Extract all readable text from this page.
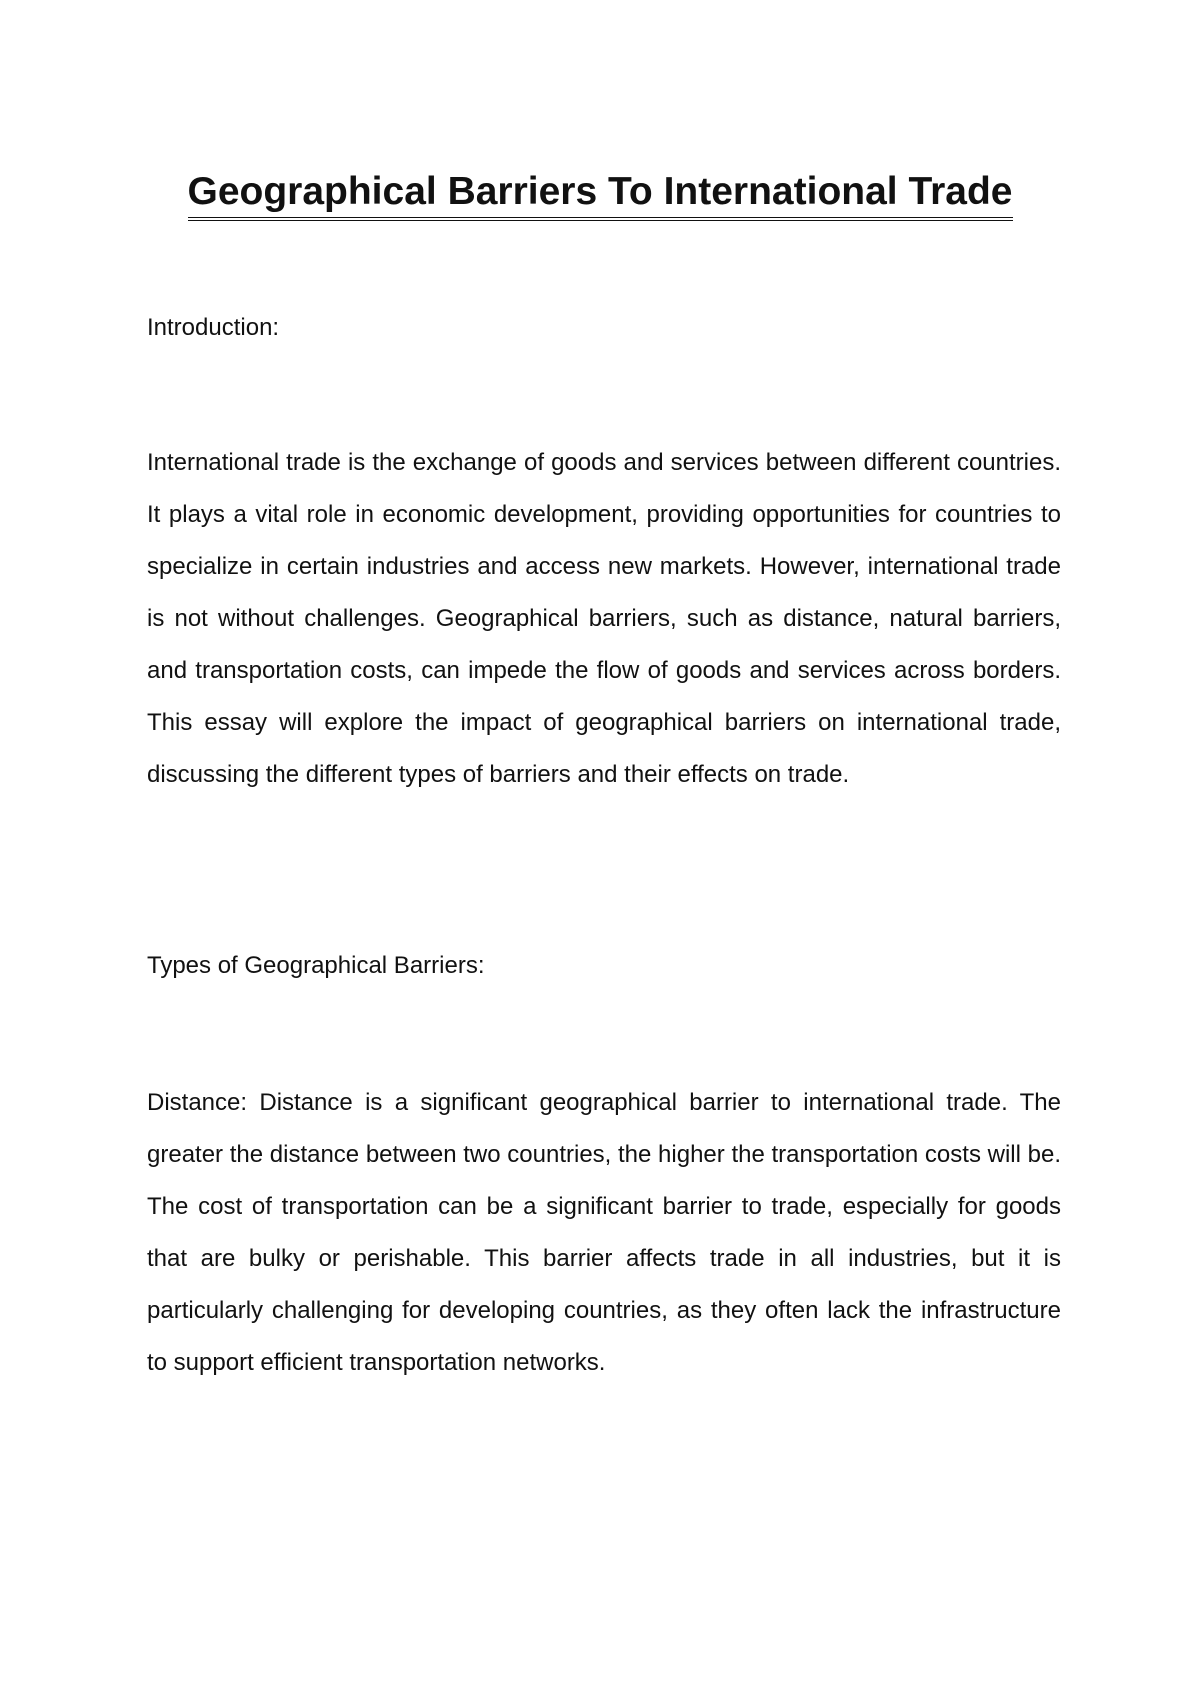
Geographical Barriers To International Trade

Introduction:

International trade is the exchange of goods and services between different countries. It plays a vital role in economic development, providing opportunities for countries to specialize in certain industries and access new markets. However, international trade is not without challenges. Geographical barriers, such as distance, natural barriers, and transportation costs, can impede the flow of goods and services across borders. This essay will explore the impact of geographical barriers on international trade, discussing the different types of barriers and their effects on trade.

Types of Geographical Barriers:

Distance: Distance is a significant geographical barrier to international trade. The greater the distance between two countries, the higher the transportation costs will be. The cost of transportation can be a significant barrier to trade, especially for goods that are bulky or perishable. This barrier affects trade in all industries, but it is particularly challenging for developing countries, as they often lack the infrastructure to support efficient transportation networks.
